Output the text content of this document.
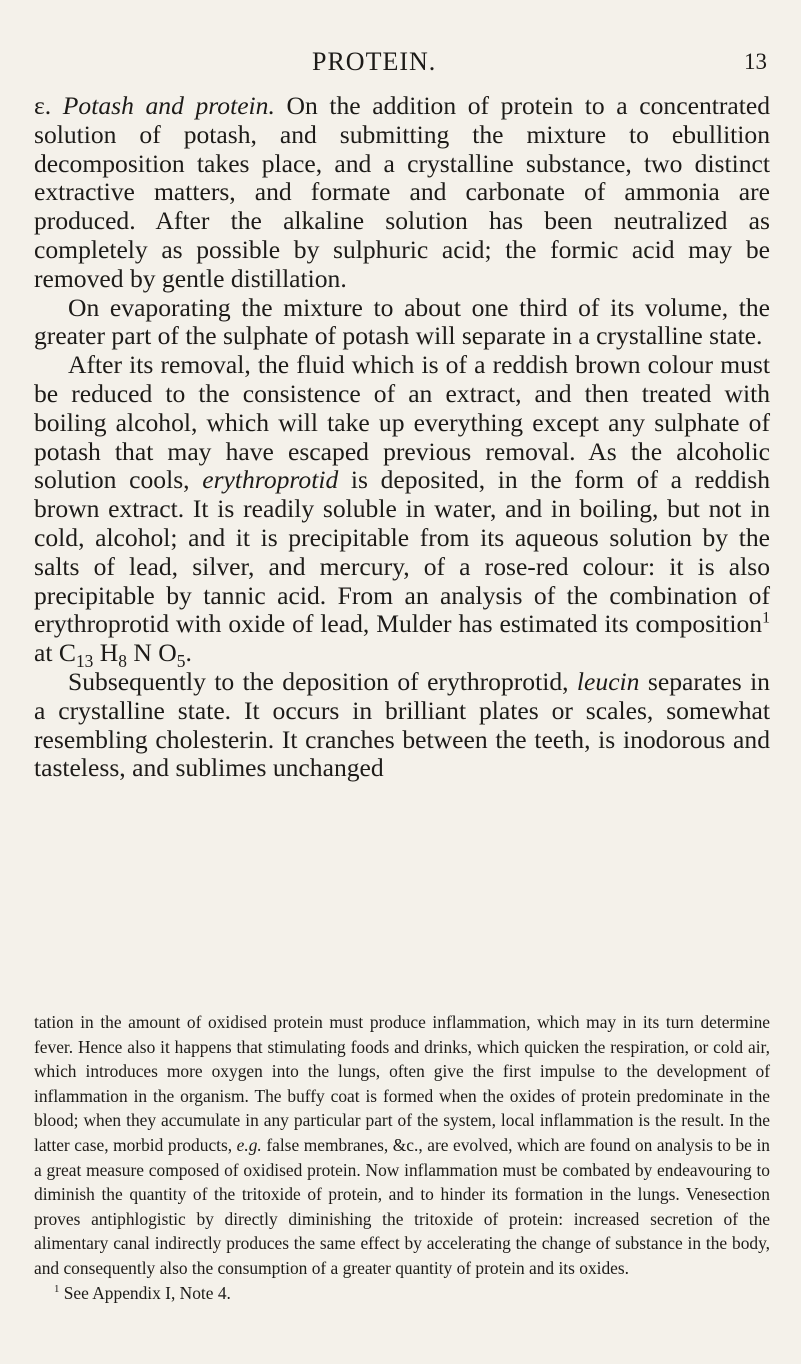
PROTEIN.	13

ε. Potash and protein. On the addition of protein to a concentrated solution of potash, and submitting the mixture to ebullition decomposition takes place, and a crystalline substance, two distinct extractive matters, and formate and carbonate of ammonia are produced. After the alkaline solution has been neutralized as completely as possible by sulphuric acid; the formic acid may be removed by gentle distillation.

On evaporating the mixture to about one third of its volume, the greater part of the sulphate of potash will separate in a crystalline state.

After its removal, the fluid which is of a reddish brown colour must be reduced to the consistence of an extract, and then treated with boiling alcohol, which will take up everything except any sulphate of potash that may have escaped previous removal. As the alcoholic solution cools, erythroprotid is deposited, in the form of a reddish brown extract. It is readily soluble in water, and in boiling, but not in cold, alcohol; and it is precipitable from its aqueous solution by the salts of lead, silver, and mercury, of a rose-red colour: it is also precipitable by tannic acid. From an analysis of the combination of erythroprotid with oxide of lead, Mulder has estimated its composition$^1$ at $C_{13}$ $H_8$ N $O_5$.

Subsequently to the deposition of erythroprotid, leucin separates in a crystalline state. It occurs in brilliant plates or scales, somewhat resembling cholesterin. It cranches between the teeth, is inodorous and tasteless, and sublimes unchanged

tation in the amount of oxidised protein must produce inflammation, which may in its turn determine fever. Hence also it happens that stimulating foods and drinks, which quicken the respiration, or cold air, which introduces more oxygen into the lungs, often give the first impulse to the development of inflammation in the organism. The buffy coat is formed when the oxides of protein predominate in the blood; when they accumulate in any particular part of the system, local inflammation is the result. In the latter case, morbid products, e.g. false membranes, &c., are evolved, which are found on analysis to be in a great measure composed of oxidised protein. Now inflammation must be combated by endeavouring to diminish the quantity of the tritoxide of protein, and to hinder its formation in the lungs. Venesection proves antiphlogistic by directly diminishing the tritoxide of protein: increased secretion of the alimentary canal indirectly produces the same effect by accelerating the change of substance in the body, and consequently also the consumption of a greater quantity of protein and its oxides.

$^1$ See Appendix I, Note 4.
